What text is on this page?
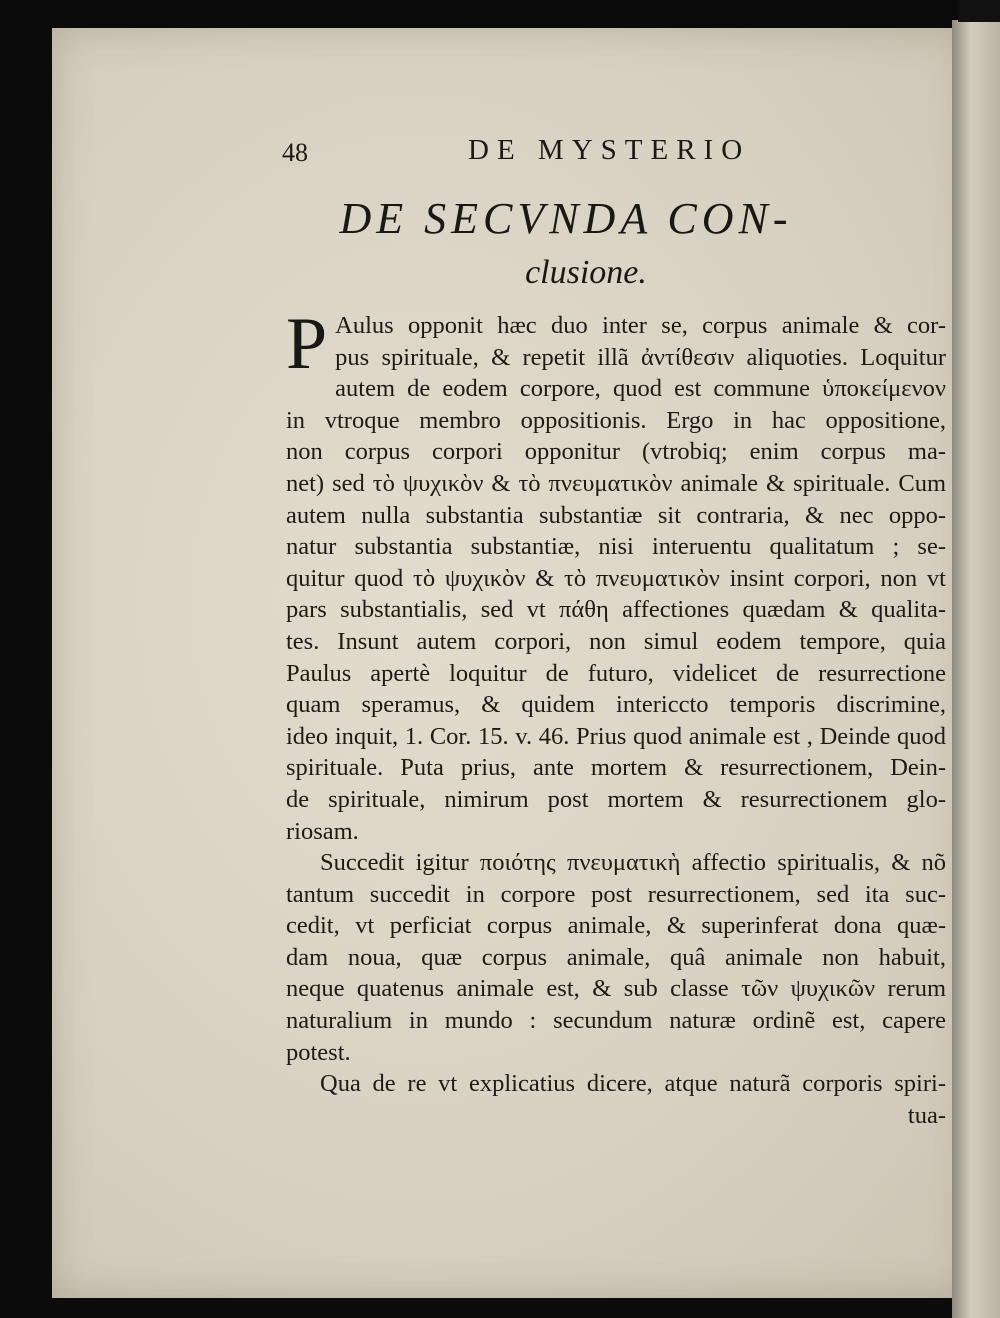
48	DE MYSTERIO
DE SECVNDA CON-
clusione.
P Aulus opponit hæc duo inter se, corpus animale & cor-
pus spirituale, & repetit illã ἀντίθεσιν aliquoties. Loquitur
autem de eodem corpore, quod est commune ὑποκείμενον
in vtroque membro oppositionis. Ergo in hac oppositione,
non corpus corpori opponitur (vtrobiq; enim corpus ma-
net) sed τὸ ψυχικὸν & τὸ πνευματικὸν animale & spirituale. Cum
autem nulla substantia substantiæ sit contraria, & nec oppo-
natur substantia substantiæ, nisi interuentu qualitatum ; se-
quitur quod τὸ ψυχικὸν & τὸ πνευματικὸν insint corpori, non vt
pars substantialis, sed vt πάθη affectiones quædam & qualita-
tes. Insunt autem corpori, non simul eodem tempore, quia
Paulus apertè loquitur de futuro, videlicet de resurrectione
quam speramus, & quidem intericcto temporis discrimine,
ideo inquit, 1. Cor. 15. v. 46. Prius quod animale est , Deinde quod
spirituale. Puta prius, ante mortem & resurrectionem, Dein-
de spirituale, nimirum post mortem & resurrectionem glo-
riosam.
Succedit igitur ποιότης πνευματικὴ affectio spiritualis, & nõ
tantum succedit in corpore post resurrectionem, sed ita suc-
cedit, vt perficiat corpus animale, & superinferat dona quæ-
dam noua, quæ corpus animale, quâ animale non habuit,
neque quatenus animale est, & sub classe τῶν ψυχικῶν rerum
naturalium in mundo : secundum naturæ ordinẽ est, capere
potest.
Qua de re vt explicatius dicere, atque naturã corporis spiri-
tua-
